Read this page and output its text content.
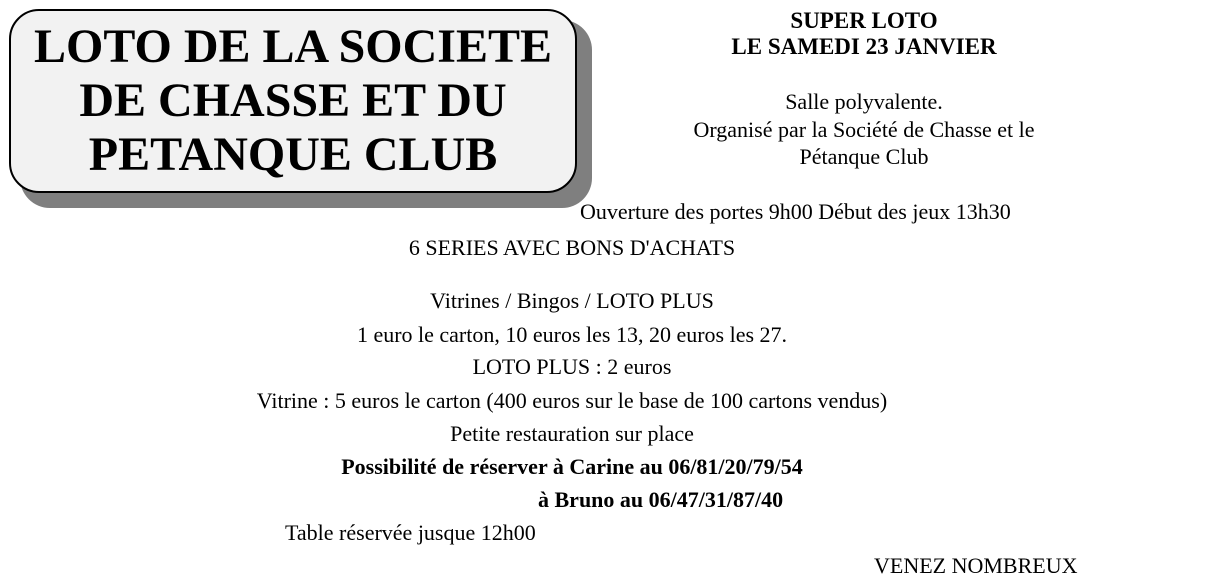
LOTO DE LA SOCIETE
DE CHASSE ET DU
PETANQUE CLUB

SUPER LOTO
LE SAMEDI 23 JANVIER
Salle polyvalente.
Organisé par la Société de Chasse et le
Pétanque Club
Ouverture des portes 9h00 Début des jeux 13h30
6 SERIES AVEC BONS D'ACHATS
Vitrines / Bingos / LOTO PLUS
1 euro le carton, 10 euros les 13, 20 euros les 27.
LOTO PLUS : 2 euros
Vitrine : 5 euros le carton (400 euros sur le base de 100 cartons vendus)
Petite restauration sur place
Possibilité de réserver à Carine au 06/81/20/79/54
à Bruno au 06/47/31/87/40
Table réservée jusque 12h00
VENEZ NOMBREUX
